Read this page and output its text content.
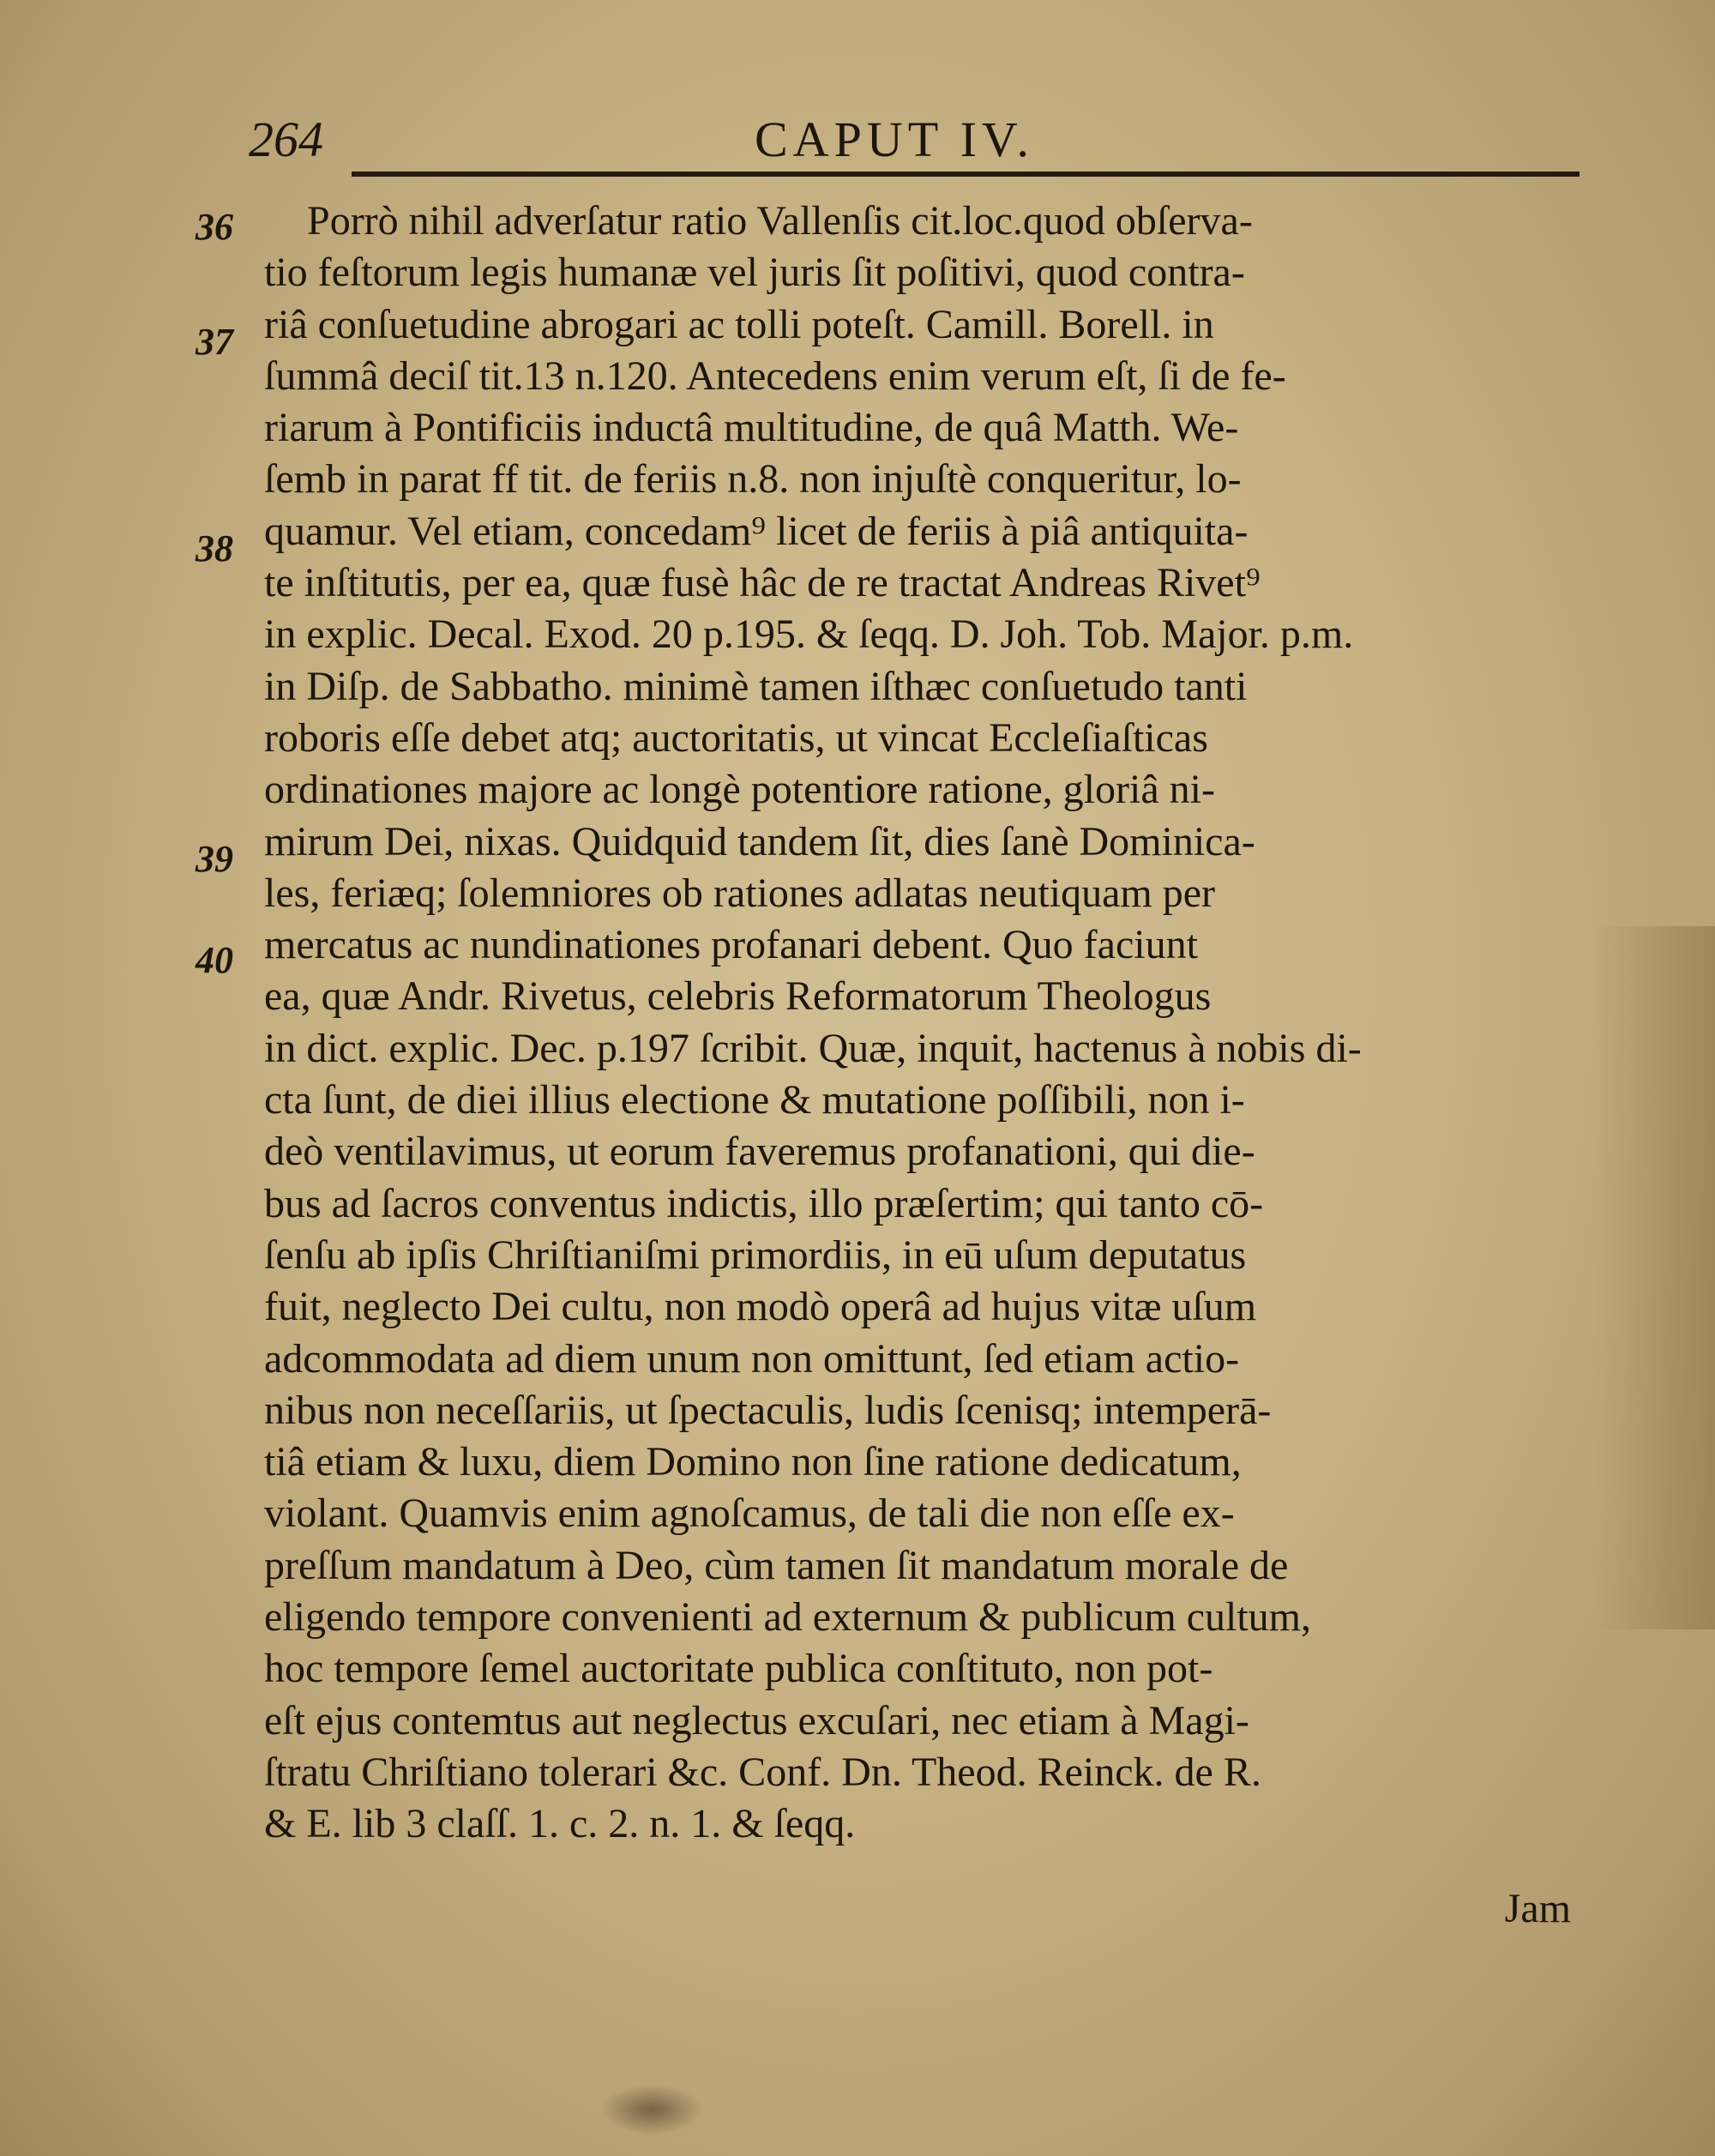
264	CAPUT IV.
36
37
38
39
40
Porrò nihil adverſatur ratio Vallenſis cit.loc.quod obſerva-
tio feſtorum legis humanæ vel juris ſit poſitivi, quod contra-
riâ conſuetudine abrogari ac tolli poteſt. Camill. Borell. in
ſummâ deciſ tit.13 n.120. Antecedens enim verum eſt, ſi de fe-
riarum à Pontificiis inductâ multitudine, de quâ Matth. We-
ſemb in parat ff tit. de feriis n.8. non injuſtè conqueritur, lo-
quamur. Vel etiam, concedam⁹ licet de feriis à piâ antiquita-
te inſtitutis, per ea, quæ fusè hâc de re tractat Andreas Rivet⁹
in explic. Decal. Exod. 20 p.195. & ſeqq. D. Joh. Tob. Major. p.m.
in Diſp. de Sabbatho. minimè tamen iſthæc conſuetudo tanti
roboris eſſe debet atq; auctoritatis, ut vincat Eccleſiaſticas
ordinationes majore ac longè potentiore ratione, gloriâ ni-
mirum Dei, nixas. Quidquid tandem ſit, dies ſanè Dominica-
les, feriæq; ſolemniores ob rationes adlatas neutiquam per
mercatus ac nundinationes profanari debent. Quo faciunt
ea, quæ Andr. Rivetus, celebris Reformatorum Theologus
in dict. explic. Dec. p.197 ſcribit. Quæ, inquit, hactenus à nobis di-
cta ſunt, de diei illius electione & mutatione poſſibili, non i-
deò ventilavimus, ut eorum faveremus profanationi, qui die-
bus ad ſacros conventus indictis, illo præſertim; qui tanto cō-
ſenſu ab ipſis Chriſtianiſmi primordiis, in eū uſum deputatus
fuit, neglecto Dei cultu, non modò operâ ad hujus vitæ uſum
adcommodata ad diem unum non omittunt, ſed etiam actio-
nibus non neceſſariis, ut ſpectaculis, ludis ſcenisq; intemperā-
tiâ etiam & luxu, diem Domino non ſine ratione dedicatum,
violant. Quamvis enim agnoſcamus, de tali die non eſſe ex-
preſſum mandatum à Deo, cùm tamen ſit mandatum morale de
eligendo tempore convenienti ad externum & publicum cultum,
hoc tempore ſemel auctoritate publica conſtituto, non pot-
eſt ejus contemtus aut neglectus excuſari, nec etiam à Magi-
ſtratu Chriſtiano tolerari &c. Conf. Dn. Theod. Reinck. de R.
& E. lib 3 claſſ. 1. c. 2. n. 1. & ſeqq.
Jam
